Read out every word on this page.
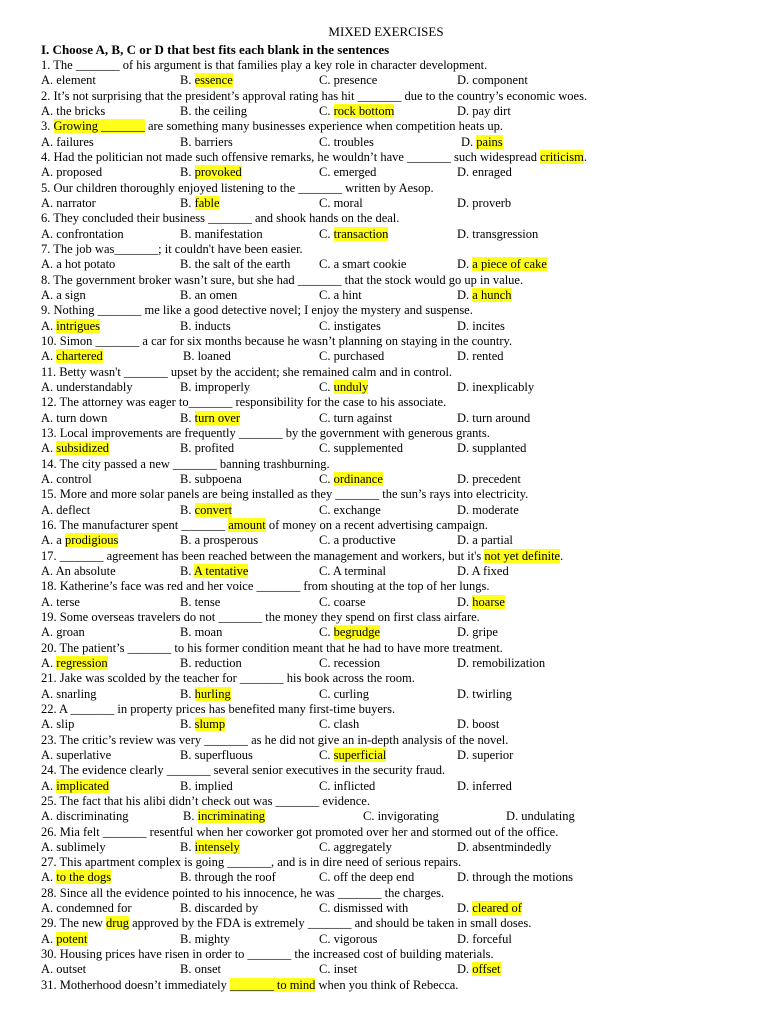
MIXED EXERCISES
I. Choose A, B, C or D that best fits each blank in the sentences
1. The _______ of his argument is that families play a key role in character development.
A. element	B. essence	C. presence	D. component
2. It’s not surprising that the president’s approval rating has hit _______ due to the country’s economic woes.
A. the bricks	B. the ceiling	C. rock bottom	D. pay dirt
3. Growing _______ are something many businesses experience when competition heats up.
A. failures	B. barriers	C. troubles	D. pains
4. Had the politician not made such offensive remarks, he wouldn’t have _______ such widespread criticism.
A. proposed	B. provoked	C. emerged	D. enraged
5. Our children thoroughly enjoyed listening to the _______ written by Aesop.
A. narrator	B. fable	C. moral	D. proverb
6. They concluded their business _______ and shook hands on the deal.
A. confrontation	B. manifestation	C. transaction	D. transgression
7. The job was_______; it couldn't have been easier.
A. a hot potato	B. the salt of the earth C. a smart cookie	D. a piece of cake
8. The government broker wasn’t sure, but she had _______ that the stock would go up in value.
A. a sign	B. an omen	C. a hint	D. a hunch
9. Nothing _______ me like a good detective novel; I enjoy the mystery and suspense.
A. intrigues	B. inducts	C. instigates	D. incites
10. Simon _______ a car for six months because he wasn’t planning on staying in the country.
A. chartered	B. loaned	C. purchased	D. rented
11. Betty wasn't _______ upset by the accident; she remained calm and in control.
A. understandably	B. improperly	C. unduly	D. inexplicably
12. The attorney was eager to_______ responsibility for the case to his associate.
A. turn down	B. turn over	C. turn against	D. turn around
13. Local improvements are frequently _______ by the government with generous grants.
A. subsidized	B. profited	C. supplemented	D. supplanted
14. The city passed a new _______ banning trashburning.
A. control	B. subpoena	C. ordinance	D. precedent
15. More and more solar panels are being installed as they _______ the sun’s rays into electricity.
A. deflect	B. convert	C. exchange	D. moderate
16. The manufacturer spent _______ amount of money on a recent advertising campaign.
A. a prodigious	B. a prosperous	C. a productive	D. a partial
17. _______ agreement has been reached between the management and workers, but it's not yet definite.
A. An absolute	B. A tentative	C. A terminal	D. A fixed
18. Katherine’s face was red and her voice _______ from shouting at the top of her lungs.
A. terse	B. tense	C. coarse	D. hoarse
19. Some overseas travelers do not _______ the money they spend on first class airfare.
A. groan	B. moan	C. begrudge	D. gripe
20. The patient’s _______ to his former condition meant that he had to have more treatment.
A. regression	B. reduction	C. recession	D. remobilization
21. Jake was scolded by the teacher for _______ his book across the room.
A. snarling	B. hurling	C. curling	D. twirling
22. A _______ in property prices has benefited many first-time buyers.
A. slip	B. slump	C. clash	D. boost
23. The critic’s review was very _______ as he did not give an in-depth analysis of the novel.
A. superlative	B. superfluous	C. superficial	D. superior
24. The evidence clearly _______ several senior executives in the security fraud.
A. implicated	B. implied	C. inflicted	D. inferred
25. The fact that his alibi didn’t check out was _______ evidence.
A. discriminating	B. incriminating	C. invigorating	D. undulating
26. Mia felt _______ resentful when her coworker got promoted over her and stormed out of the office.
A. sublimely	B. intensely	C. aggregately	D. absentmindedly
27. This apartment complex is going _______, and is in dire need of serious repairs.
A. to the dogs	B. through the roof	C. off the deep end	D. through the motions
28. Since all the evidence pointed to his innocence, he was _______ the charges.
A. condemned for	B. discarded by	C. dismissed with	D. cleared of
29. The new drug approved by the FDA is extremely _______ and should be taken in small doses.
A. potent	B. mighty	C. vigorous	D. forceful
30. Housing prices have risen in order to _______ the increased cost of building materials.
A. outset	B. onset	C. inset	D. offset
31. Motherhood doesn’t immediately _______ to mind when you think of Rebecca.
